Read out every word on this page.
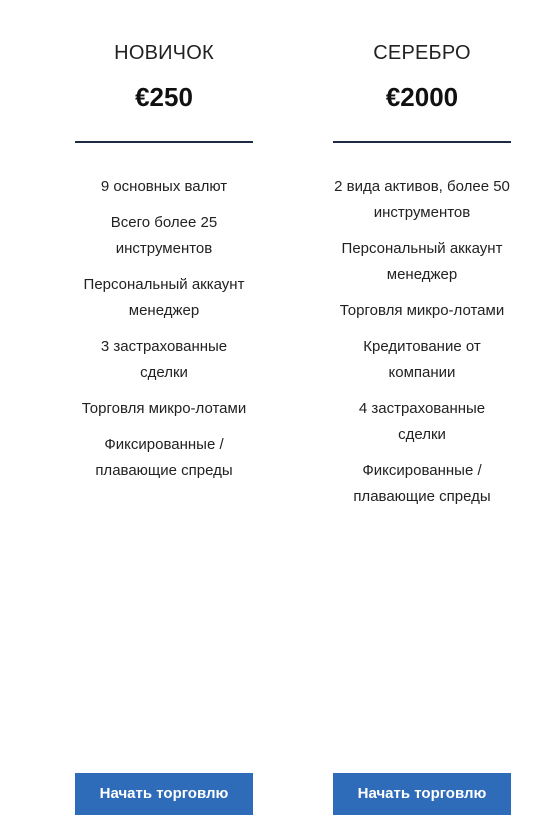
НОВИЧОК
€250
9 основных валют
Всего более 25 инструментов
Персональный аккаунт менеджер
3 застрахованные сделки
Торговля микро-лотами
Фиксированные / плавающие спреды
Начать торговлю
СЕРЕБРО
€2000
2 вида активов, более 50 инструментов
Персональный аккаунт менеджер
Торговля микро-лотами
Кредитование от компании
4 застрахованные сделки
Фиксированные / плавающие спреды
Начать торговлю
